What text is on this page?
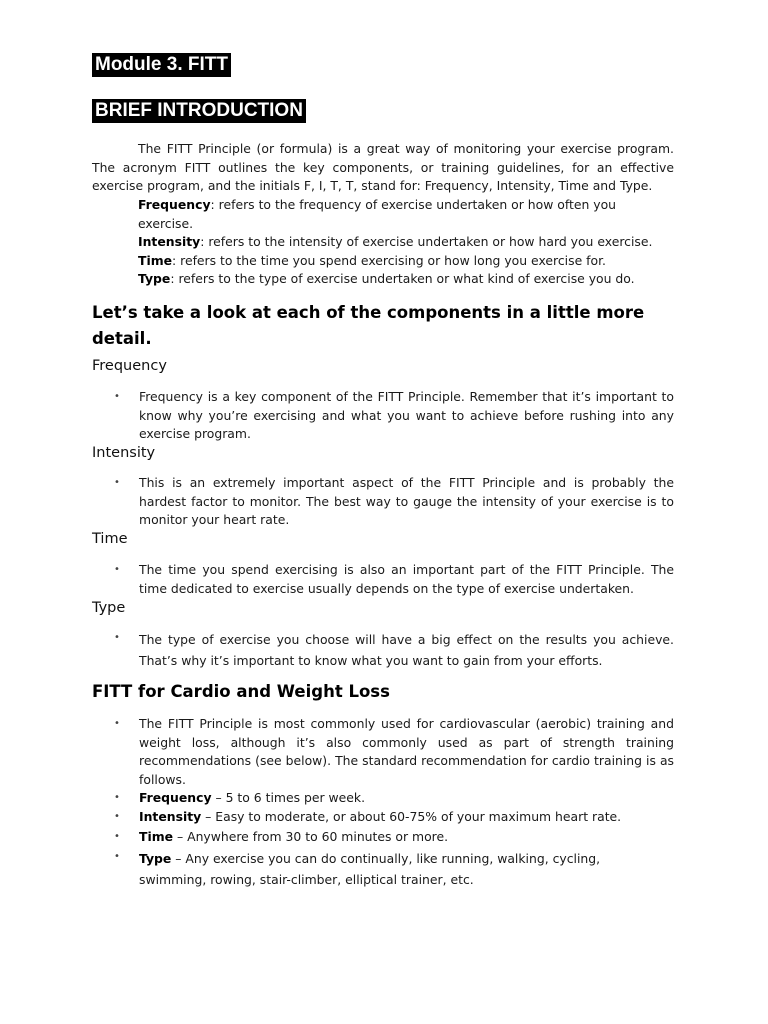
Module 3. FITT
BRIEF INTRODUCTION

The FITT Principle (or formula) is a great way of monitoring your exercise program. The acronym FITT outlines the key components, or training guidelines, for an effective exercise program, and the initials F, I, T, T, stand for: Frequency, Intensity, Time and Type.

Frequency: refers to the frequency of exercise undertaken or how often you exercise.

Intensity: refers to the intensity of exercise undertaken or how hard you exercise.

Time: refers to the time you spend exercising or how long you exercise for.

Type: refers to the type of exercise undertaken or what kind of exercise you do.

Let’s take a look at each of the components in a little more detail.

Frequency

• Frequency is a key component of the FITT Principle. Remember that it’s important to know why you’re exercising and what you want to achieve before rushing into any exercise program.

Intensity

• This is an extremely important aspect of the FITT Principle and is probably the hardest factor to monitor. The best way to gauge the intensity of your exercise is to monitor your heart rate.

Time

• The time you spend exercising is also an important part of the FITT Principle. The time dedicated to exercise usually depends on the type of exercise undertaken.

Type

• The type of exercise you choose will have a big effect on the results you achieve. That’s why it’s important to know what you want to gain from your efforts.

FITT for Cardio and Weight Loss

• The FITT Principle is most commonly used for cardiovascular (aerobic) training and weight loss, although it’s also commonly used as part of strength training recommendations (see below). The standard recommendation for cardio training is as follows.
• Frequency – 5 to 6 times per week.
• Intensity – Easy to moderate, or about 60-75% of your maximum heart rate.
• Time – Anywhere from 30 to 60 minutes or more.
• Type – Any exercise you can do continually, like running, walking, cycling, swimming, rowing, stair-climber, elliptical trainer, etc.
